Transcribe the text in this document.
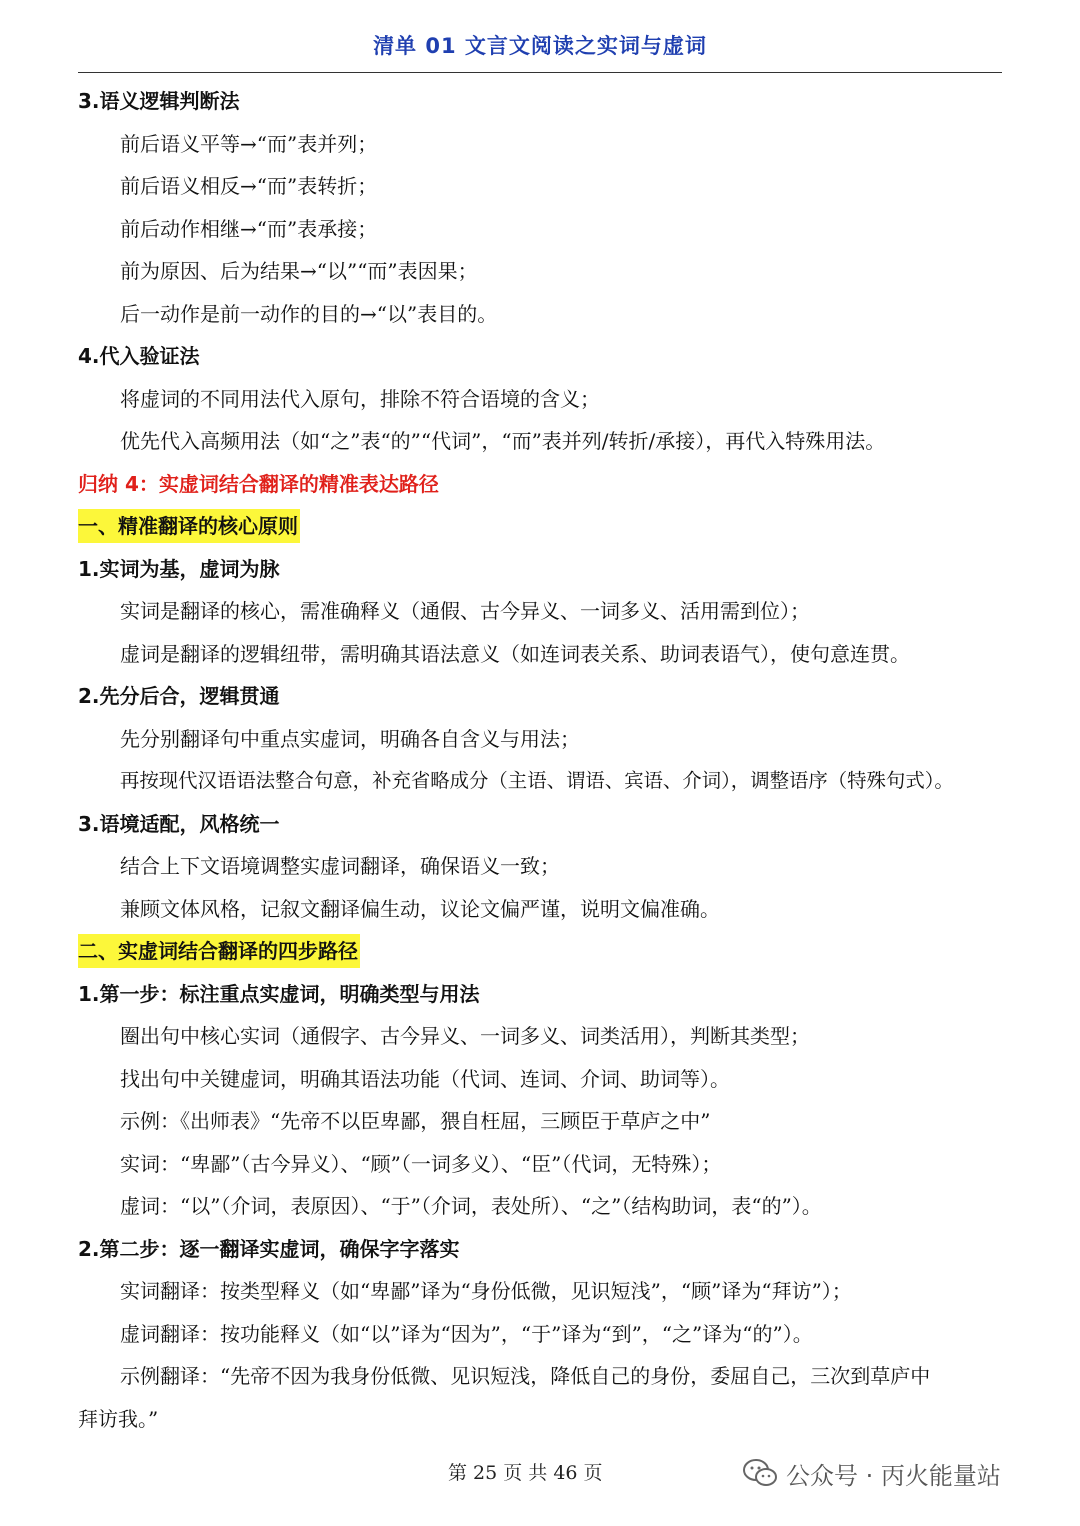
清单 01 文言文阅读之实词与虚词
3.语义逻辑判断法
前后语义平等→“而”表并列；
前后语义相反→“而”表转折；
前后动作相继→“而”表承接；
前为原因、后为结果→“以”“而”表因果；
后一动作是前一动作的目的→“以”表目的。
4.代入验证法
将虚词的不同用法代入原句，排除不符合语境的含义；
优先代入高频用法（如“之”表“的”“代词”，“而”表并列/转折/承接），再代入特殊用法。
归纳 4：实虚词结合翻译的精准表达路径
一、精准翻译的核心原则
1.实词为基，虚词为脉
实词是翻译的核心，需准确释义（通假、古今异义、一词多义、活用需到位）；
虚词是翻译的逻辑纽带，需明确其语法意义（如连词表关系、助词表语气），使句意连贯。
2.先分后合，逻辑贯通
先分别翻译句中重点实虚词，明确各自含义与用法；
再按现代汉语语法整合句意，补充省略成分（主语、谓语、宾语、介词），调整语序（特殊句式）。
3.语境适配，风格统一
结合上下文语境调整实虚词翻译，确保语义一致；
兼顾文体风格，记叙文翻译偏生动，议论文偏严谨，说明文偏准确。
二、实虚词结合翻译的四步路径
1.第一步：标注重点实虚词，明确类型与用法
圈出句中核心实词（通假字、古今异义、一词多义、词类活用），判断其类型；
找出句中关键虚词，明确其语法功能（代词、连词、介词、助词等）。
示例：《出师表》“先帝不以臣卑鄙，猥自枉屈，三顾臣于草庐之中”
实词：“卑鄙”（古今异义）、“顾”（一词多义）、“臣”（代词，无特殊）；
虚词：“以”（介词，表原因）、“于”（介词，表处所）、“之”（结构助词，表“的”）。
2.第二步：逐一翻译实虚词，确保字字落实
实词翻译：按类型释义（如“卑鄙”译为“身份低微，见识短浅”，“顾”译为“拜访”）；
虚词翻译：按功能释义（如“以”译为“因为”，“于”译为“到”，“之”译为“的”）。
示例翻译：“先帝不因为我身份低微、见识短浅，降低自己的身份，委屈自己，三次到草庐中
拜访我。”
第 25 页 共 46 页	公众号 · 丙火能量站
